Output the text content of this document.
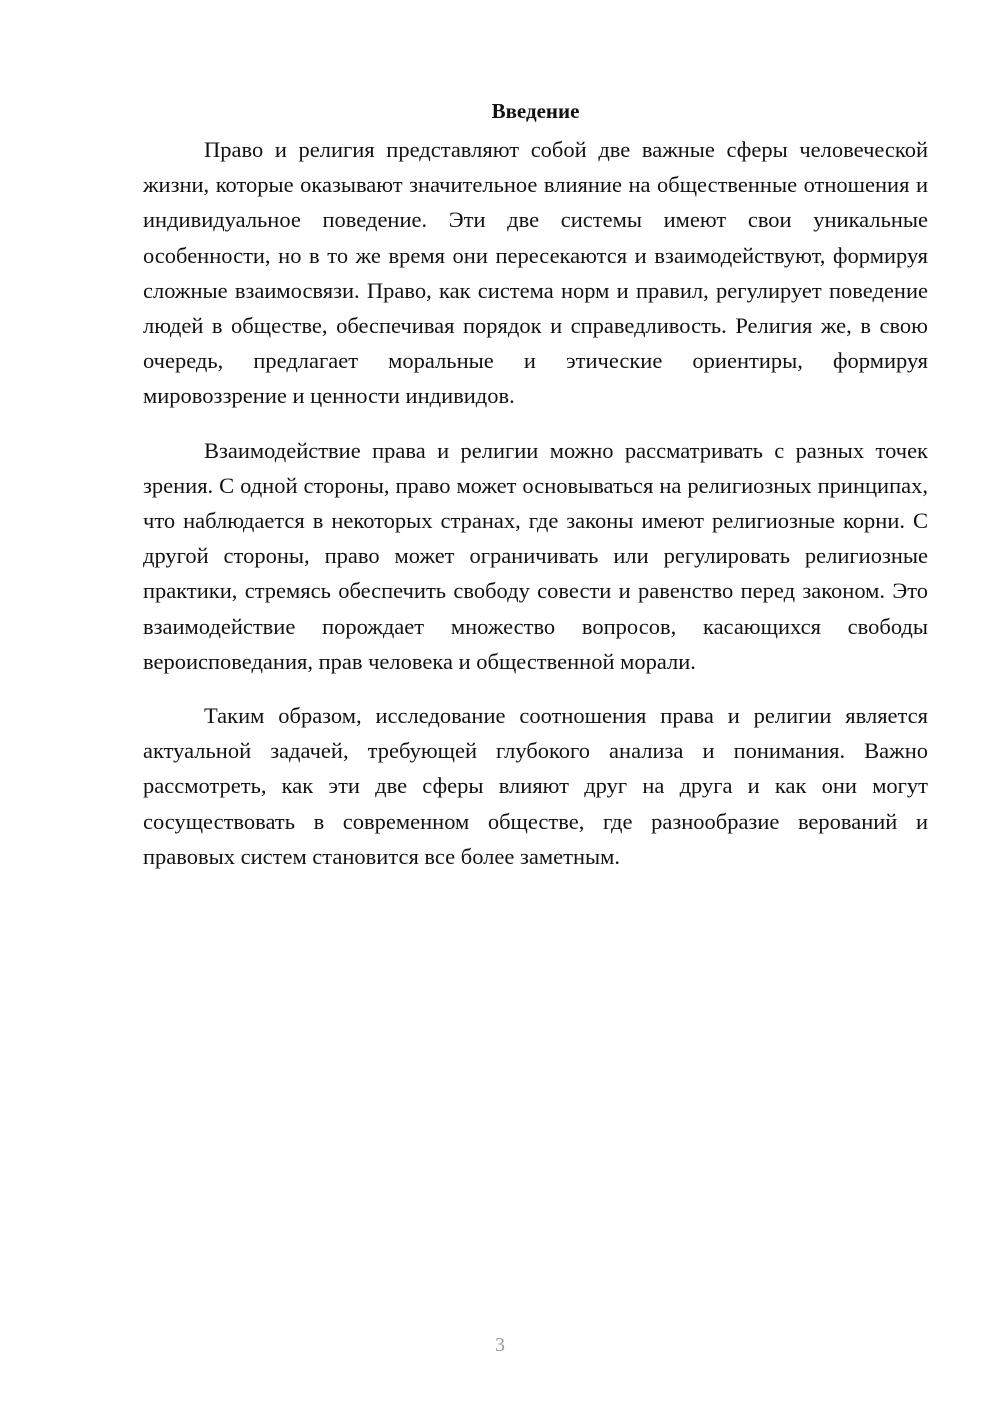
Введение

Право и религия представляют собой две важные сферы человеческой жизни, которые оказывают значительное влияние на общественные отношения и индивидуальное поведение. Эти две системы имеют свои уникальные особенности, но в то же время они пересекаются и взаимодействуют, формируя сложные взаимосвязи. Право, как система норм и правил, регулирует поведение людей в обществе, обеспечивая порядок и справедливость. Религия же, в свою очередь, предлагает моральные и этические ориентиры, формируя мировоззрение и ценности индивидов.

Взаимодействие права и религии можно рассматривать с разных точек зрения. С одной стороны, право может основываться на религиозных принципах, что наблюдается в некоторых странах, где законы имеют религиозные корни. С другой стороны, право может ограничивать или регулировать религиозные практики, стремясь обеспечить свободу совести и равенство перед законом. Это взаимодействие порождает множество вопросов, касающихся свободы вероисповедания, прав человека и общественной морали.

Таким образом, исследование соотношения права и религии является актуальной задачей, требующей глубокого анализа и понимания. Важно рассмотреть, как эти две сферы влияют друг на друга и как они могут сосуществовать в современном обществе, где разнообразие верований и правовых систем становится все более заметным.

3
